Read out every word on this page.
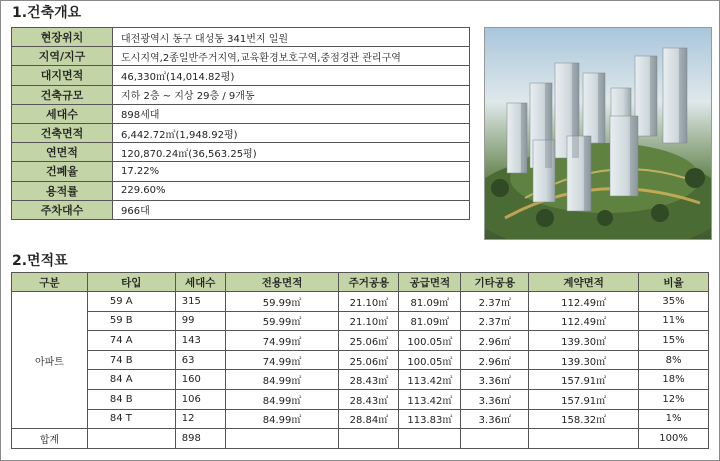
1.건축개요
현장위치	대전광역시 동구 대성동 341번지 일원
지역/지구	도시지역,2종일반주거지역,교육환경보호구역,중점경관 관리구역
대지면적	46,330㎡(14,014.82평)
건축규모	지하 2층 ~ 지상 29층 / 9개동
세대수	898세대
건축면적	6,442.72㎡(1,948.92평)
연면적	120,870.24㎡(36,563.25평)
건폐율	17.22%
용적률	229.60%
주차대수	966대
2.면적표
구분	타입	세대수	전용면적	주거공용	공급면적	기타공용	계약면적	비율
아파트	59 A	315	59.99㎡	21.10㎡	81.09㎡	2.37㎡	112.49㎡	35%
	59 B	99	59.99㎡	21.10㎡	81.09㎡	2.37㎡	112.49㎡	11%
	74 A	143	74.99㎡	25.06㎡	100.05㎡	2.96㎡	139.30㎡	15%
	74 B	63	74.99㎡	25.06㎡	100.05㎡	2.96㎡	139.30㎡	8%
	84 A	160	84.99㎡	28.43㎡	113.42㎡	3.36㎡	157.91㎡	18%
	84 B	106	84.99㎡	28.43㎡	113.42㎡	3.36㎡	157.91㎡	12%
	84 T	12	84.99㎡	28.84㎡	113.83㎡	3.36㎡	158.32㎡	1%
합계		898						100%
